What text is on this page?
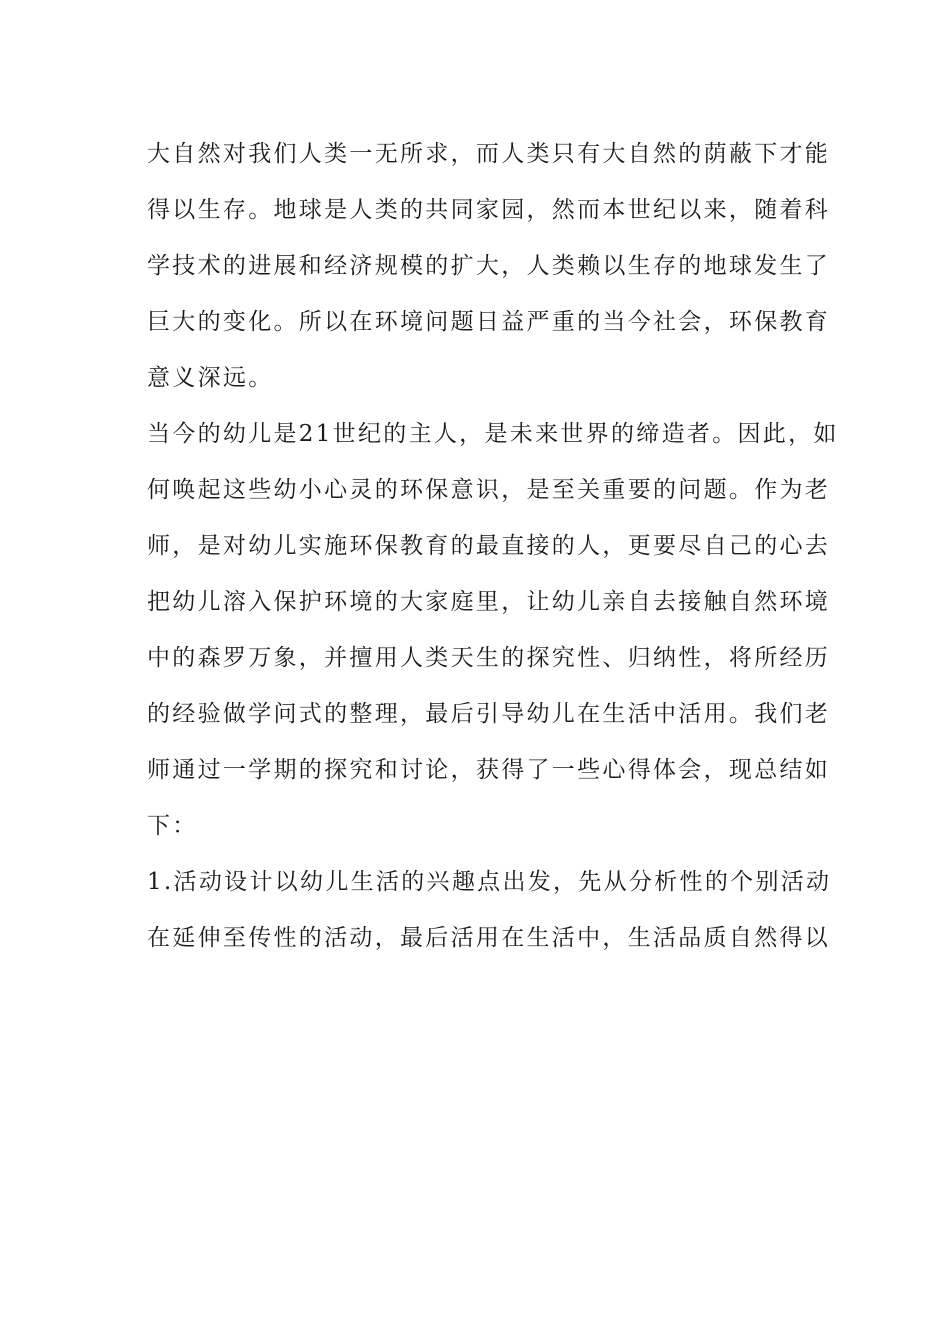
大自然对我们人类一无所求，而人类只有大自然的荫蔽下才能
得以生存。地球是人类的共同家园，然而本世纪以来，随着科
学技术的进展和经济规模的扩大，人类赖以生存的地球发生了
巨大的变化。所以在环境问题日益严重的当今社会，环保教育
意义深远。
当今的幼儿是21世纪的主人，是未来世界的缔造者。因此，如
何唤起这些幼小心灵的环保意识，是至关重要的问题。作为老
师，是对幼儿实施环保教育的最直接的人，更要尽自己的心去
把幼儿溶入保护环境的大家庭里，让幼儿亲自去接触自然环境
中的森罗万象，并擅用人类天生的探究性、归纳性，将所经历
的经验做学问式的整理，最后引导幼儿在生活中活用。我们老
师通过一学期的探究和讨论，获得了一些心得体会，现总结如
下：
1.活动设计以幼儿生活的兴趣点出发，先从分析性的个别活动
在延伸至传性的活动，最后活用在生活中，生活品质自然得以
